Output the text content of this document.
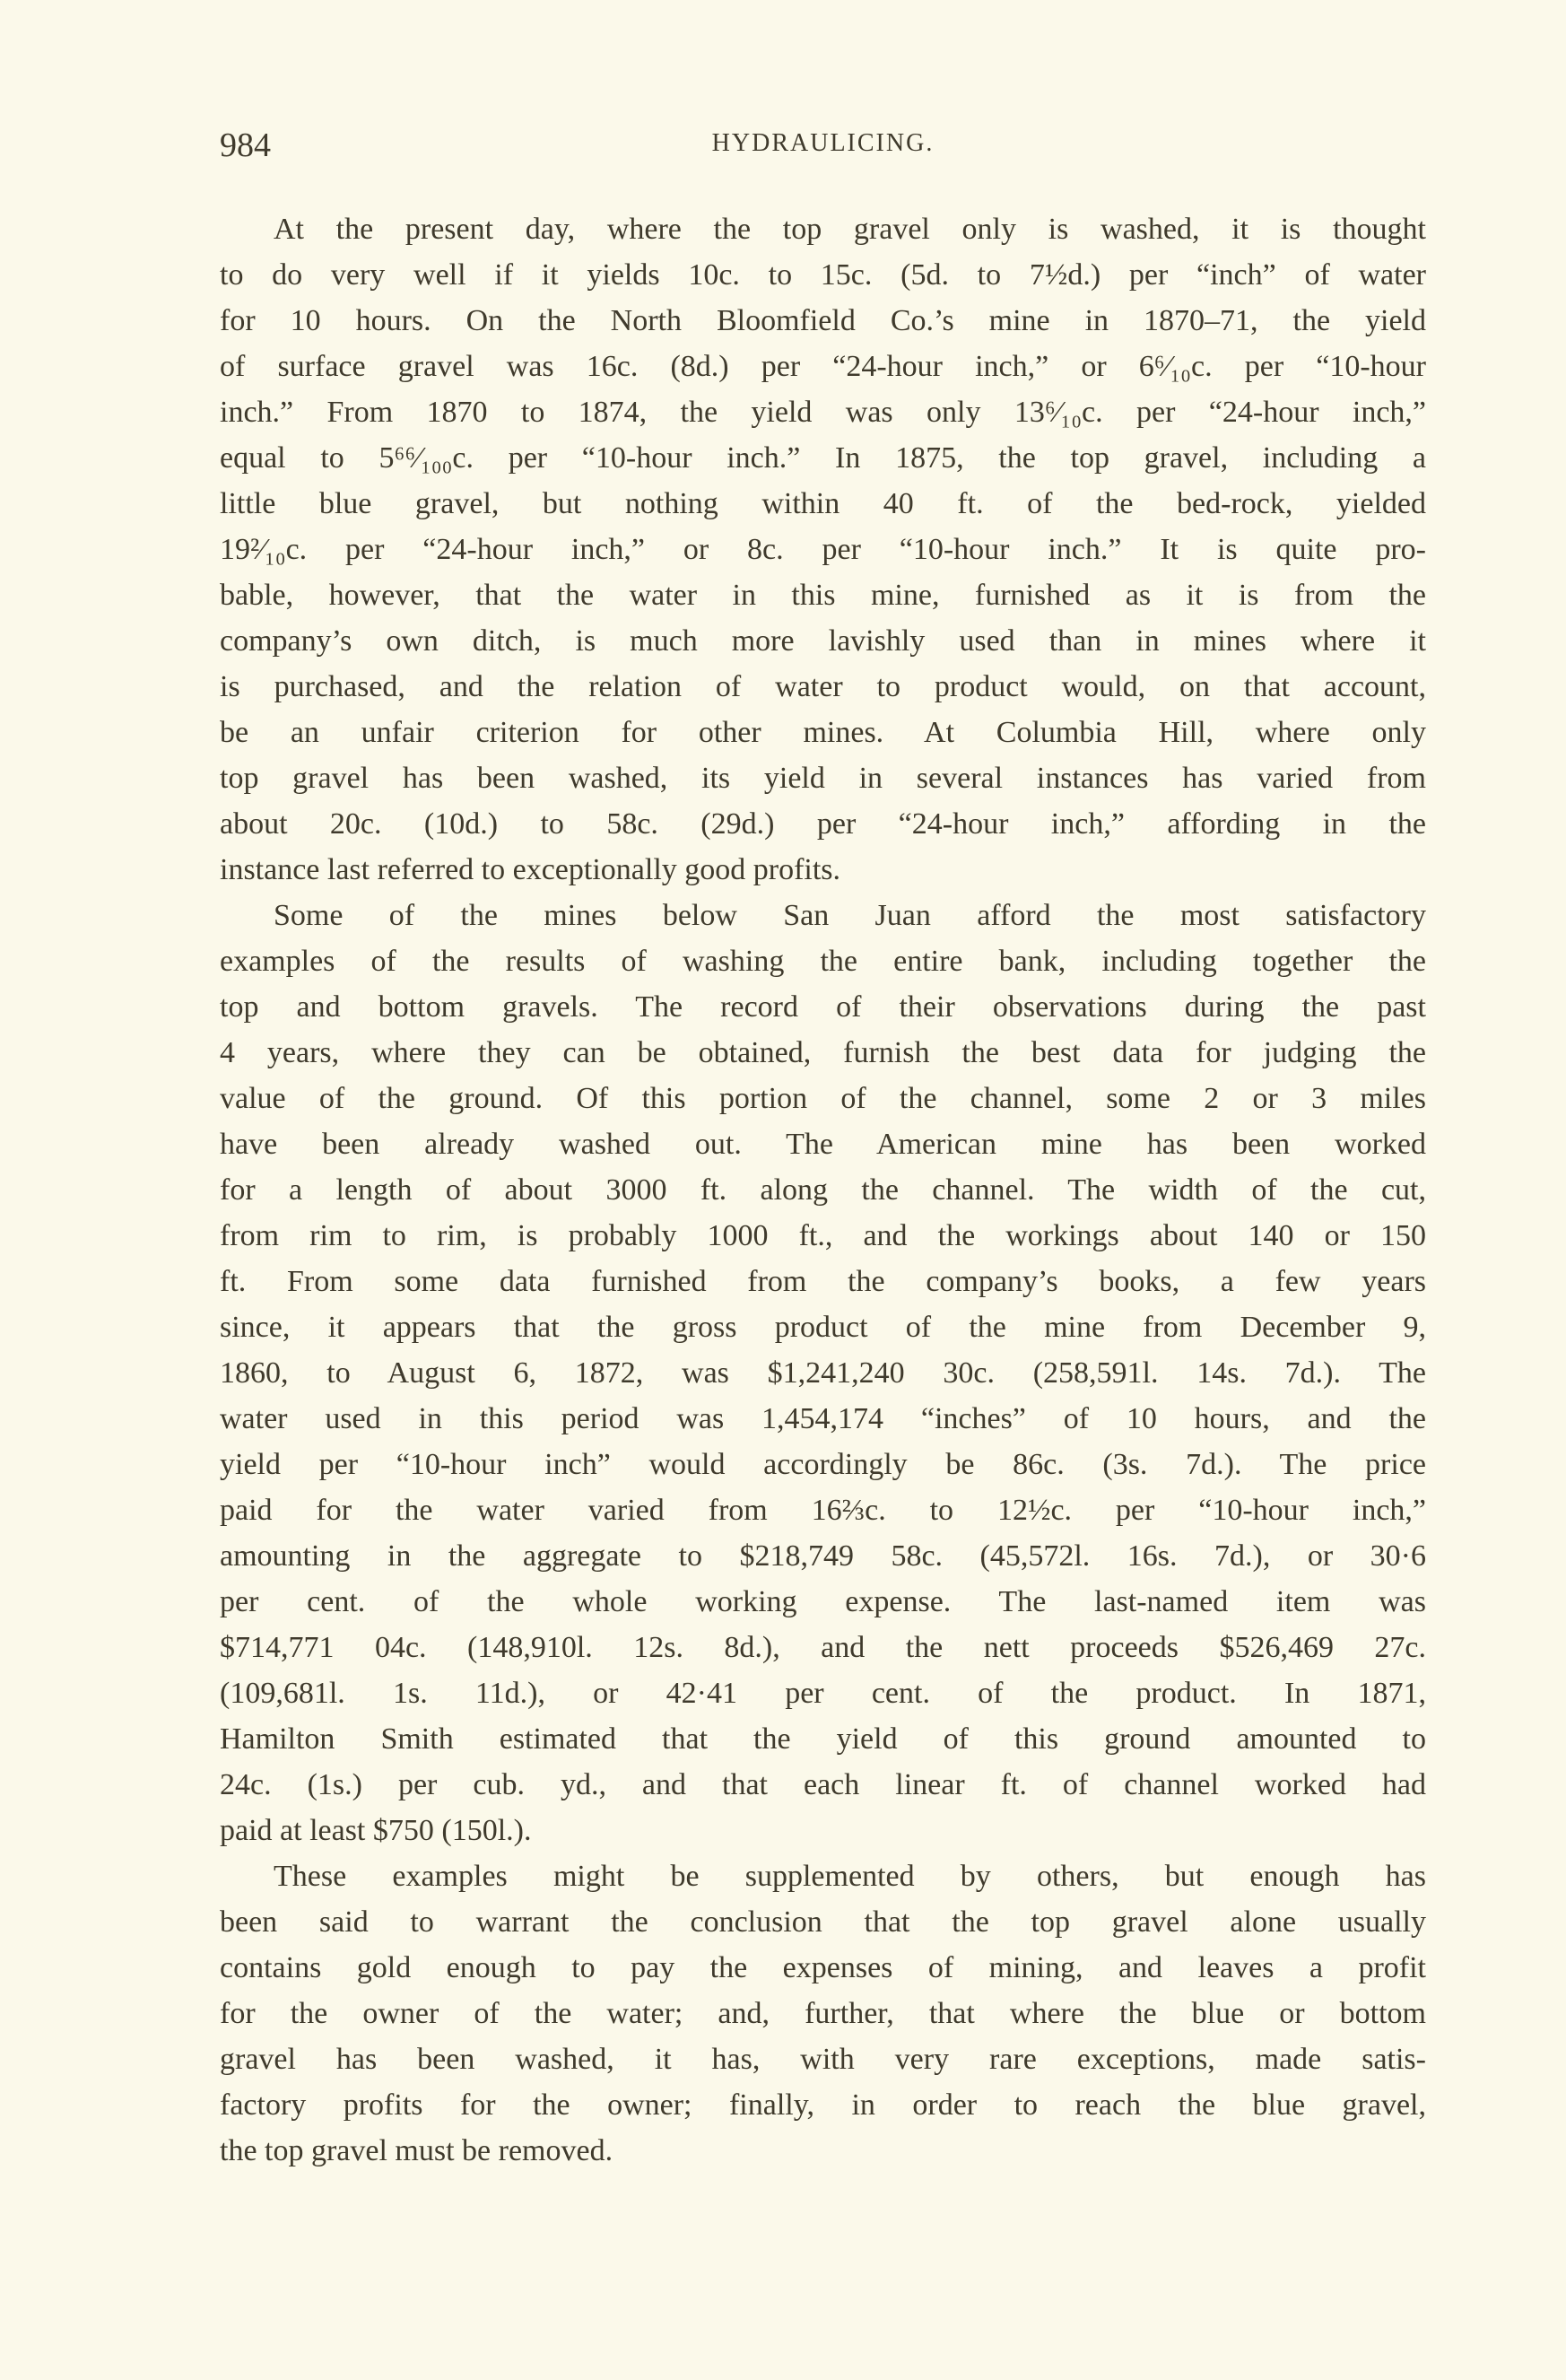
984	HYDRAULICING.
At the present day, where the top gravel only is washed, it is thought
to do very well if it yields 10c. to 15c. (5d. to 7½d.) per “inch” of water
for 10 hours. On the North Bloomfield Co.’s mine in 1870–71, the yield
of surface gravel was 16c. (8d.) per “24-hour inch,” or 6⁶⁄₁₀c. per “10-hour
inch.” From 1870 to 1874, the yield was only 13⁶⁄₁₀c. per “24-hour inch,”
equal to 5⁶⁶⁄₁₀₀c. per “10-hour inch.” In 1875, the top gravel, including a
little blue gravel, but nothing within 40 ft. of the bed-rock, yielded
19²⁄₁₀c. per “24-hour inch,” or 8c. per “10-hour inch.” It is quite pro-
bable, however, that the water in this mine, furnished as it is from the
company’s own ditch, is much more lavishly used than in mines where it
is purchased, and the relation of water to product would, on that account,
be an unfair criterion for other mines. At Columbia Hill, where only
top gravel has been washed, its yield in several instances has varied from
about 20c. (10d.) to 58c. (29d.) per “24-hour inch,” affording in the
instance last referred to exceptionally good profits.
Some of the mines below San Juan afford the most satisfactory
examples of the results of washing the entire bank, including together the
top and bottom gravels. The record of their observations during the past
4 years, where they can be obtained, furnish the best data for judging the
value of the ground. Of this portion of the channel, some 2 or 3 miles
have been already washed out. The American mine has been worked
for a length of about 3000 ft. along the channel. The width of the cut,
from rim to rim, is probably 1000 ft., and the workings about 140 or 150
ft. From some data furnished from the company’s books, a few years
since, it appears that the gross product of the mine from December 9,
1860, to August 6, 1872, was $1,241,240 30c. (258,591l. 14s. 7d.). The
water used in this period was 1,454,174 “inches” of 10 hours, and the
yield per “10-hour inch” would accordingly be 86c. (3s. 7d.). The price
paid for the water varied from 16⅔c. to 12½c. per “10-hour inch,”
amounting in the aggregate to $218,749 58c. (45,572l. 16s. 7d.), or 30·6
per cent. of the whole working expense. The last-named item was
$714,771 04c. (148,910l. 12s. 8d.), and the nett proceeds $526,469 27c.
(109,681l. 1s. 11d.), or 42·41 per cent. of the product. In 1871,
Hamilton Smith estimated that the yield of this ground amounted to
24c. (1s.) per cub. yd., and that each linear ft. of channel worked had
paid at least $750 (150l.).
These examples might be supplemented by others, but enough has
been said to warrant the conclusion that the top gravel alone usually
contains gold enough to pay the expenses of mining, and leaves a profit
for the owner of the water; and, further, that where the blue or bottom
gravel has been washed, it has, with very rare exceptions, made satis-
factory profits for the owner; finally, in order to reach the blue gravel,
the top gravel must be removed.
